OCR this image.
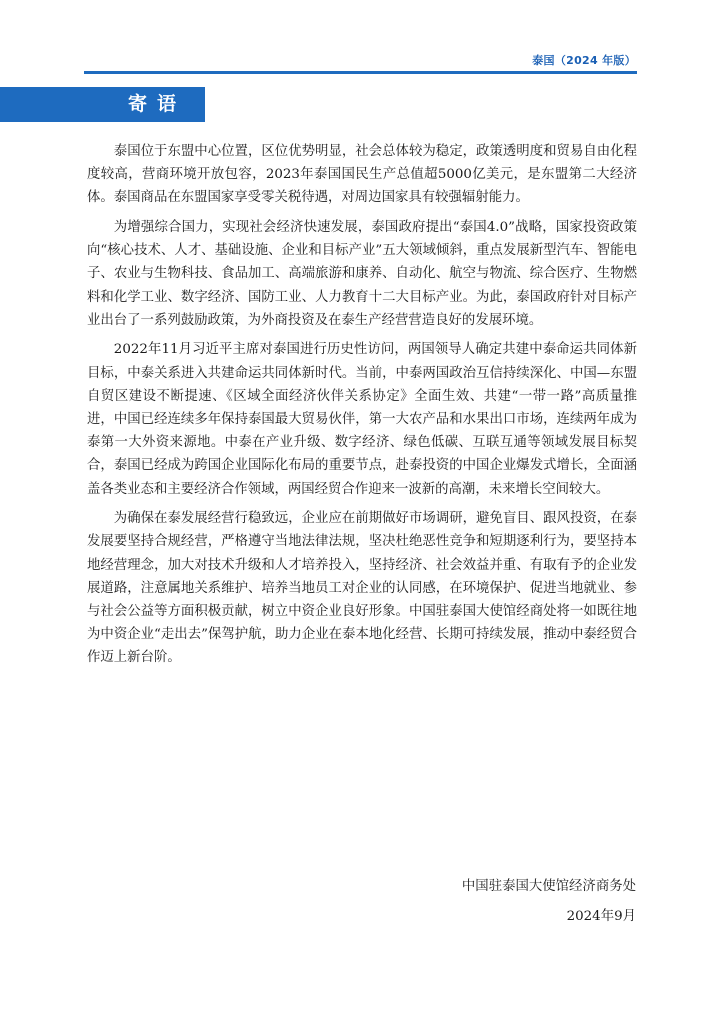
泰国（2024 年版）
寄语

泰国位于东盟中心位置，区位优势明显，社会总体较为稳定，政策透明度和贸易自由化程度较高，营商环境开放包容，2023年泰国国民生产总值超5000亿美元，是东盟第二大经济体。泰国商品在东盟国家享受零关税待遇，对周边国家具有较强辐射能力。

为增强综合国力，实现社会经济快速发展，泰国政府提出“泰国4.0”战略，国家投资政策向“核心技术、人才、基础设施、企业和目标产业”五大领域倾斜，重点发展新型汽车、智能电子、农业与生物科技、食品加工、高端旅游和康养、自动化、航空与物流、综合医疗、生物燃料和化学工业、数字经济、国防工业、人力教育十二大目标产业。为此，泰国政府针对目标产业出台了一系列鼓励政策，为外商投资及在泰生产经营营造良好的发展环境。

2022年11月习近平主席对泰国进行历史性访问，两国领导人确定共建中泰命运共同体新目标，中泰关系进入共建命运共同体新时代。当前，中泰两国政治互信持续深化、中国—东盟自贸区建设不断提速、《区域全面经济伙伴关系协定》全面生效、共建“一带一路”高质量推进，中国已经连续多年保持泰国最大贸易伙伴，第一大农产品和水果出口市场，连续两年成为泰第一大外资来源地。中泰在产业升级、数字经济、绿色低碳、互联互通等领域发展目标契合，泰国已经成为跨国企业国际化布局的重要节点，赴泰投资的中国企业爆发式增长，全面涵盖各类业态和主要经济合作领域，两国经贸合作迎来一波新的高潮，未来增长空间较大。

为确保在泰发展经营行稳致远，企业应在前期做好市场调研，避免盲目、跟风投资，在泰发展要坚持合规经营，严格遵守当地法律法规，坚决杜绝恶性竞争和短期逐利行为，要坚持本地经营理念，加大对技术升级和人才培养投入，坚持经济、社会效益并重、有取有予的企业发展道路，注意属地关系维护、培养当地员工对企业的认同感，在环境保护、促进当地就业、参与社会公益等方面积极贡献，树立中资企业良好形象。中国驻泰国大使馆经商处将一如既往地为中资企业“走出去”保驾护航，助力企业在泰本地化经营、长期可持续发展，推动中泰经贸合作迈上新台阶。

中国驻泰国大使馆经济商务处
2024年9月
